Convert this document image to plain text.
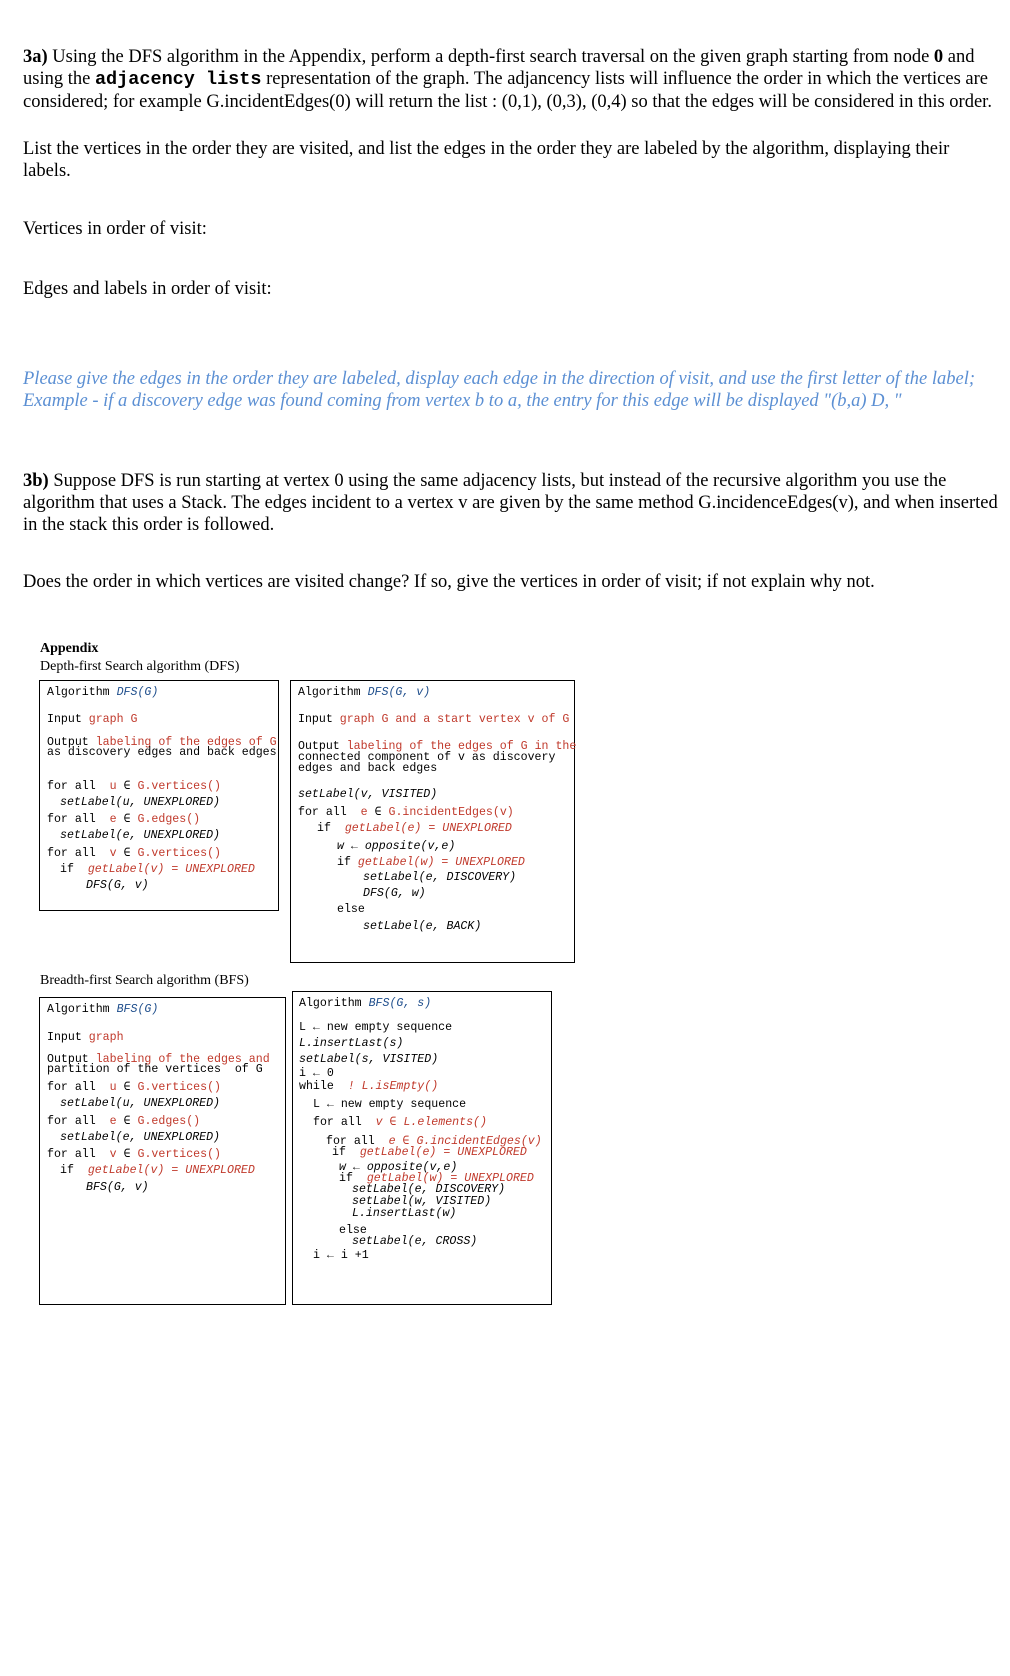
3a) Using the DFS algorithm in the Appendix, perform a depth-first search traversal on the given graph starting from node 0 and using the adjacency lists representation of the graph. The adjancency lists will influence the order in which the vertices are considered; for example G.incidentEdges(0) will return the list : (0,1), (0,3), (0,4) so that the edges will be considered in this order.
List the vertices in the order they are visited, and list the edges in the order they are labeled by the algorithm, displaying their labels.
Vertices in order of visit:
Edges and labels in order of visit:
Please give the edges in the order they are labeled, display each edge in the direction of visit, and use the first letter of the label; Example - if a discovery edge was found coming from vertex b to a, the entry for this edge will be displayed "(b,a) D, "
3b) Suppose DFS is run starting at vertex 0 using the same adjacency lists, but instead of the recursive algorithm you use the algorithm that uses a Stack. The edges incident to a vertex v are given by the same method G.incidenceEdges(v), and when inserted in the stack this order is followed.
Does the order in which vertices are visited change? If so, give the vertices in order of visit; if not explain why not.
Appendix
Depth-first Search algorithm (DFS)
Algorithm DFS(G)
Input graph G
Output labeling of the edges of G
as discovery edges and back edges
for all u ∈ G.vertices()
setLabel(u, UNEXPLORED)
for all e ∈ G.edges()
setLabel(e, UNEXPLORED)
for all v ∈ G.vertices()
if getLabel(v) = UNEXPLORED
DFS(G, v)
Algorithm DFS(G, v)
Input graph G and a start vertex v of G
Output labeling of the edges of G in the
connected component of v as discovery
edges and back edges
setLabel(v, VISITED)
for all e ∈ G.incidentEdges(v)
if getLabel(e) = UNEXPLORED
w ← opposite(v,e)
if getLabel(w) = UNEXPLORED
setLabel(e, DISCOVERY)
DFS(G, w)
else
setLabel(e, BACK)
Breadth-first Search algorithm (BFS)
Algorithm BFS(G)
Input graph
Output labeling of the edges and
partition of the vertices  of G
for all u ∈ G.vertices()
setLabel(u, UNEXPLORED)
for all e ∈ G.edges()
setLabel(e, UNEXPLORED)
for all v ∈ G.vertices()
if getLabel(v) = UNEXPLORED
BFS(G, v)
Algorithm BFS(G, s)
L ← new empty sequence
L.insertLast(s)
setLabel(s, VISITED)
i ← 0
while ! L.isEmpty()
L ← new empty sequence
for all v ∈ L.elements()
for all e ∈ G.incidentEdges(v)
if getLabel(e) = UNEXPLORED
w ← opposite(v,e)
if getLabel(w) = UNEXPLORED
setLabel(e, DISCOVERY)
setLabel(w, VISITED)
L.insertLast(w)
else
setLabel(e, CROSS)
i ← i +1
